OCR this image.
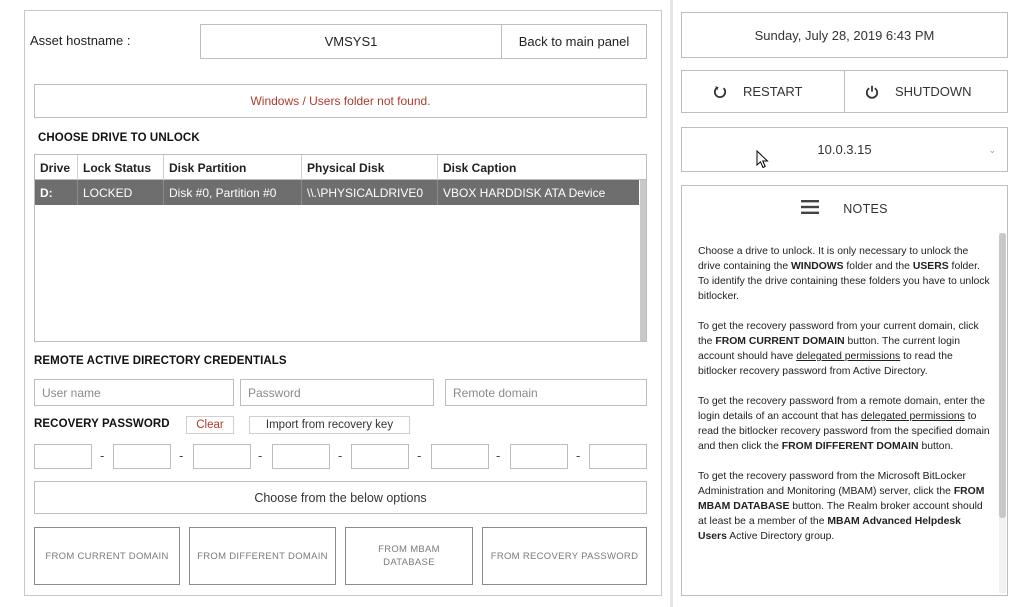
Asset hostname :	VMSYS1	Back to main panel
Windows / Users folder not found.
CHOOSE DRIVE TO UNLOCK
Drive	Lock Status	Disk Partition	Physical Disk	Disk Caption
D:	LOCKED	Disk #0, Partition #0	\\.\PHYSICALDRIVE0	VBOX HARDDISK ATA Device
REMOTE ACTIVE DIRECTORY CREDENTIALS
User name
Remote domain
RECOVERY PASSWORD	Clear	Import from recovery key
-	-	-	-	-	-	-
Choose from the below options
FROM CURRENT DOMAIN	FROM DIFFERENT DOMAIN
FROM MBAM DATABASE
FROM RECOVERY PASSWORD
Sunday, July 28, 2019 6:43 PM
RESTART	SHUTDOWN
10.0.3.15	⌄
NOTES

Choose a drive to unlock. It is only necessary to unlock the drive containing the WINDOWS folder and the USERS folder. To identify the drive containing these folders you have to unlock bitlocker.

To get the recovery password from your current domain, click the FROM CURRENT DOMAIN button. The current login account should have delegated permissions to read the bitlocker recovery password from Active Directory.

To get the recovery password from a remote domain, enter the login details of an account that has delegated permissions to read the bitlocker recovery password from the specified domain and then click the FROM DIFFERENT DOMAIN button.

To get the recovery password from the Microsoft BitLocker Administration and Monitoring (MBAM) server, click the FROM MBAM DATABASE button. The Realm broker account should at least be a member of the MBAM Advanced Helpdesk Users Active Directory group.
